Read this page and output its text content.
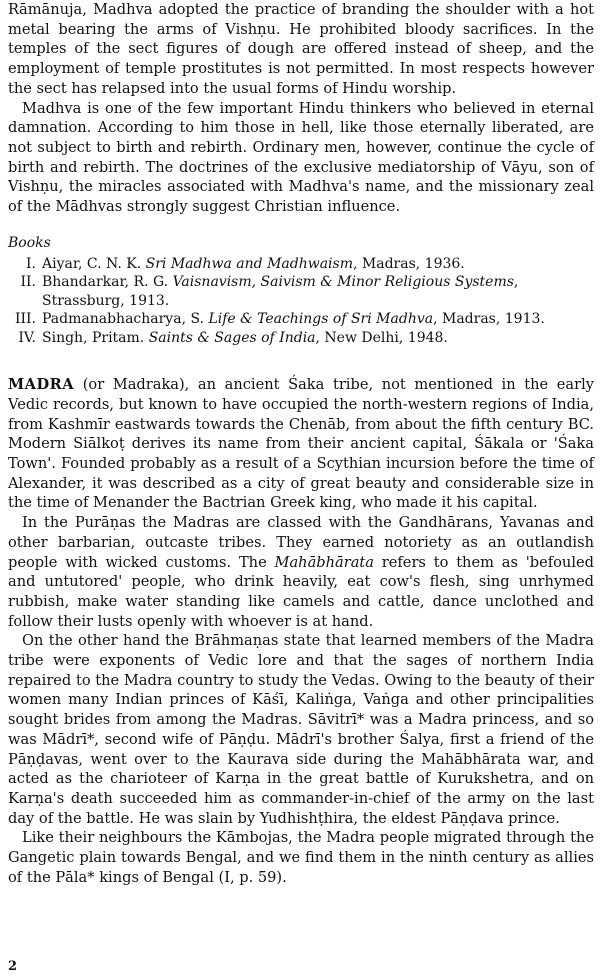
Rāmānuja, Madhva adopted the practice of branding the shoulder with a hot metal bearing the arms of Vishṇu. He prohibited bloody sacrifices. In the temples of the sect figures of dough are offered instead of sheep, and the employment of temple prostitutes is not permitted. In most respects however the sect has relapsed into the usual forms of Hindu worship.

Madhva is one of the few important Hindu thinkers who believed in eternal damnation. According to him those in hell, like those eternally liberated, are not subject to birth and rebirth. Ordinary men, however, continue the cycle of birth and rebirth. The doctrines of the exclusive mediatorship of Vāyu, son of Vishṇu, the miracles associated with Madhva's name, and the missionary zeal of the Mādhvas strongly suggest Christian influence.

Books
I. Aiyar, C. N. K. Sri Madhwa and Madhwaism, Madras, 1936.
II. Bhandarkar, R. G. Vaisnavism, Saivism & Minor Religious Systems, Strassburg, 1913.
III. Padmanabhacharya, S. Life & Teachings of Sri Madhva, Madras, 1913.
IV. Singh, Pritam. Saints & Sages of India, New Delhi, 1948.

MADRA (or Madraka), an ancient Śaka tribe, not mentioned in the early Vedic records, but known to have occupied the north-western regions of India, from Kashmīr eastwards towards the Chenāb, from about the fifth century BC. Modern Siālkoṭ derives its name from their ancient capital, Śākala or 'Śaka Town'. Founded probably as a result of a Scythian incursion before the time of Alexander, it was described as a city of great beauty and considerable size in the time of Menander the Bactrian Greek king, who made it his capital.

In the Purāṇas the Madras are classed with the Gandhārans, Yavanas and other barbarian, outcaste tribes. They earned notoriety as an outlandish people with wicked customs. The Mahābhārata refers to them as 'befouled and untutored' people, who drink heavily, eat cow's flesh, sing unrhymed rubbish, make water standing like camels and cattle, dance unclothed and follow their lusts openly with whoever is at hand.

On the other hand the Brāhmaṇas state that learned members of the Madra tribe were exponents of Vedic lore and that the sages of northern India repaired to the Madra country to study the Vedas. Owing to the beauty of their women many Indian princes of Kāśī, Kaliṅga, Vaṅga and other principalities sought brides from among the Madras. Sāvitrī* was a Madra princess, and so was Mādrī*, second wife of Pāṇḍu. Mādrī's brother Śalya, first a friend of the Pāṇḍavas, went over to the Kaurava side during the Mahābhārata war, and acted as the charioteer of Karṇa in the great battle of Kurukshetra, and on Karṇa's death succeeded him as commander-in-chief of the army on the last day of the battle. He was slain by Yudhishṭhira, the eldest Pāṇḍava prince.

Like their neighbours the Kāmbojas, the Madra people migrated through the Gangetic plain towards Bengal, and we find them in the ninth century as allies of the Pāla* kings of Bengal (I, p. 59).

2
